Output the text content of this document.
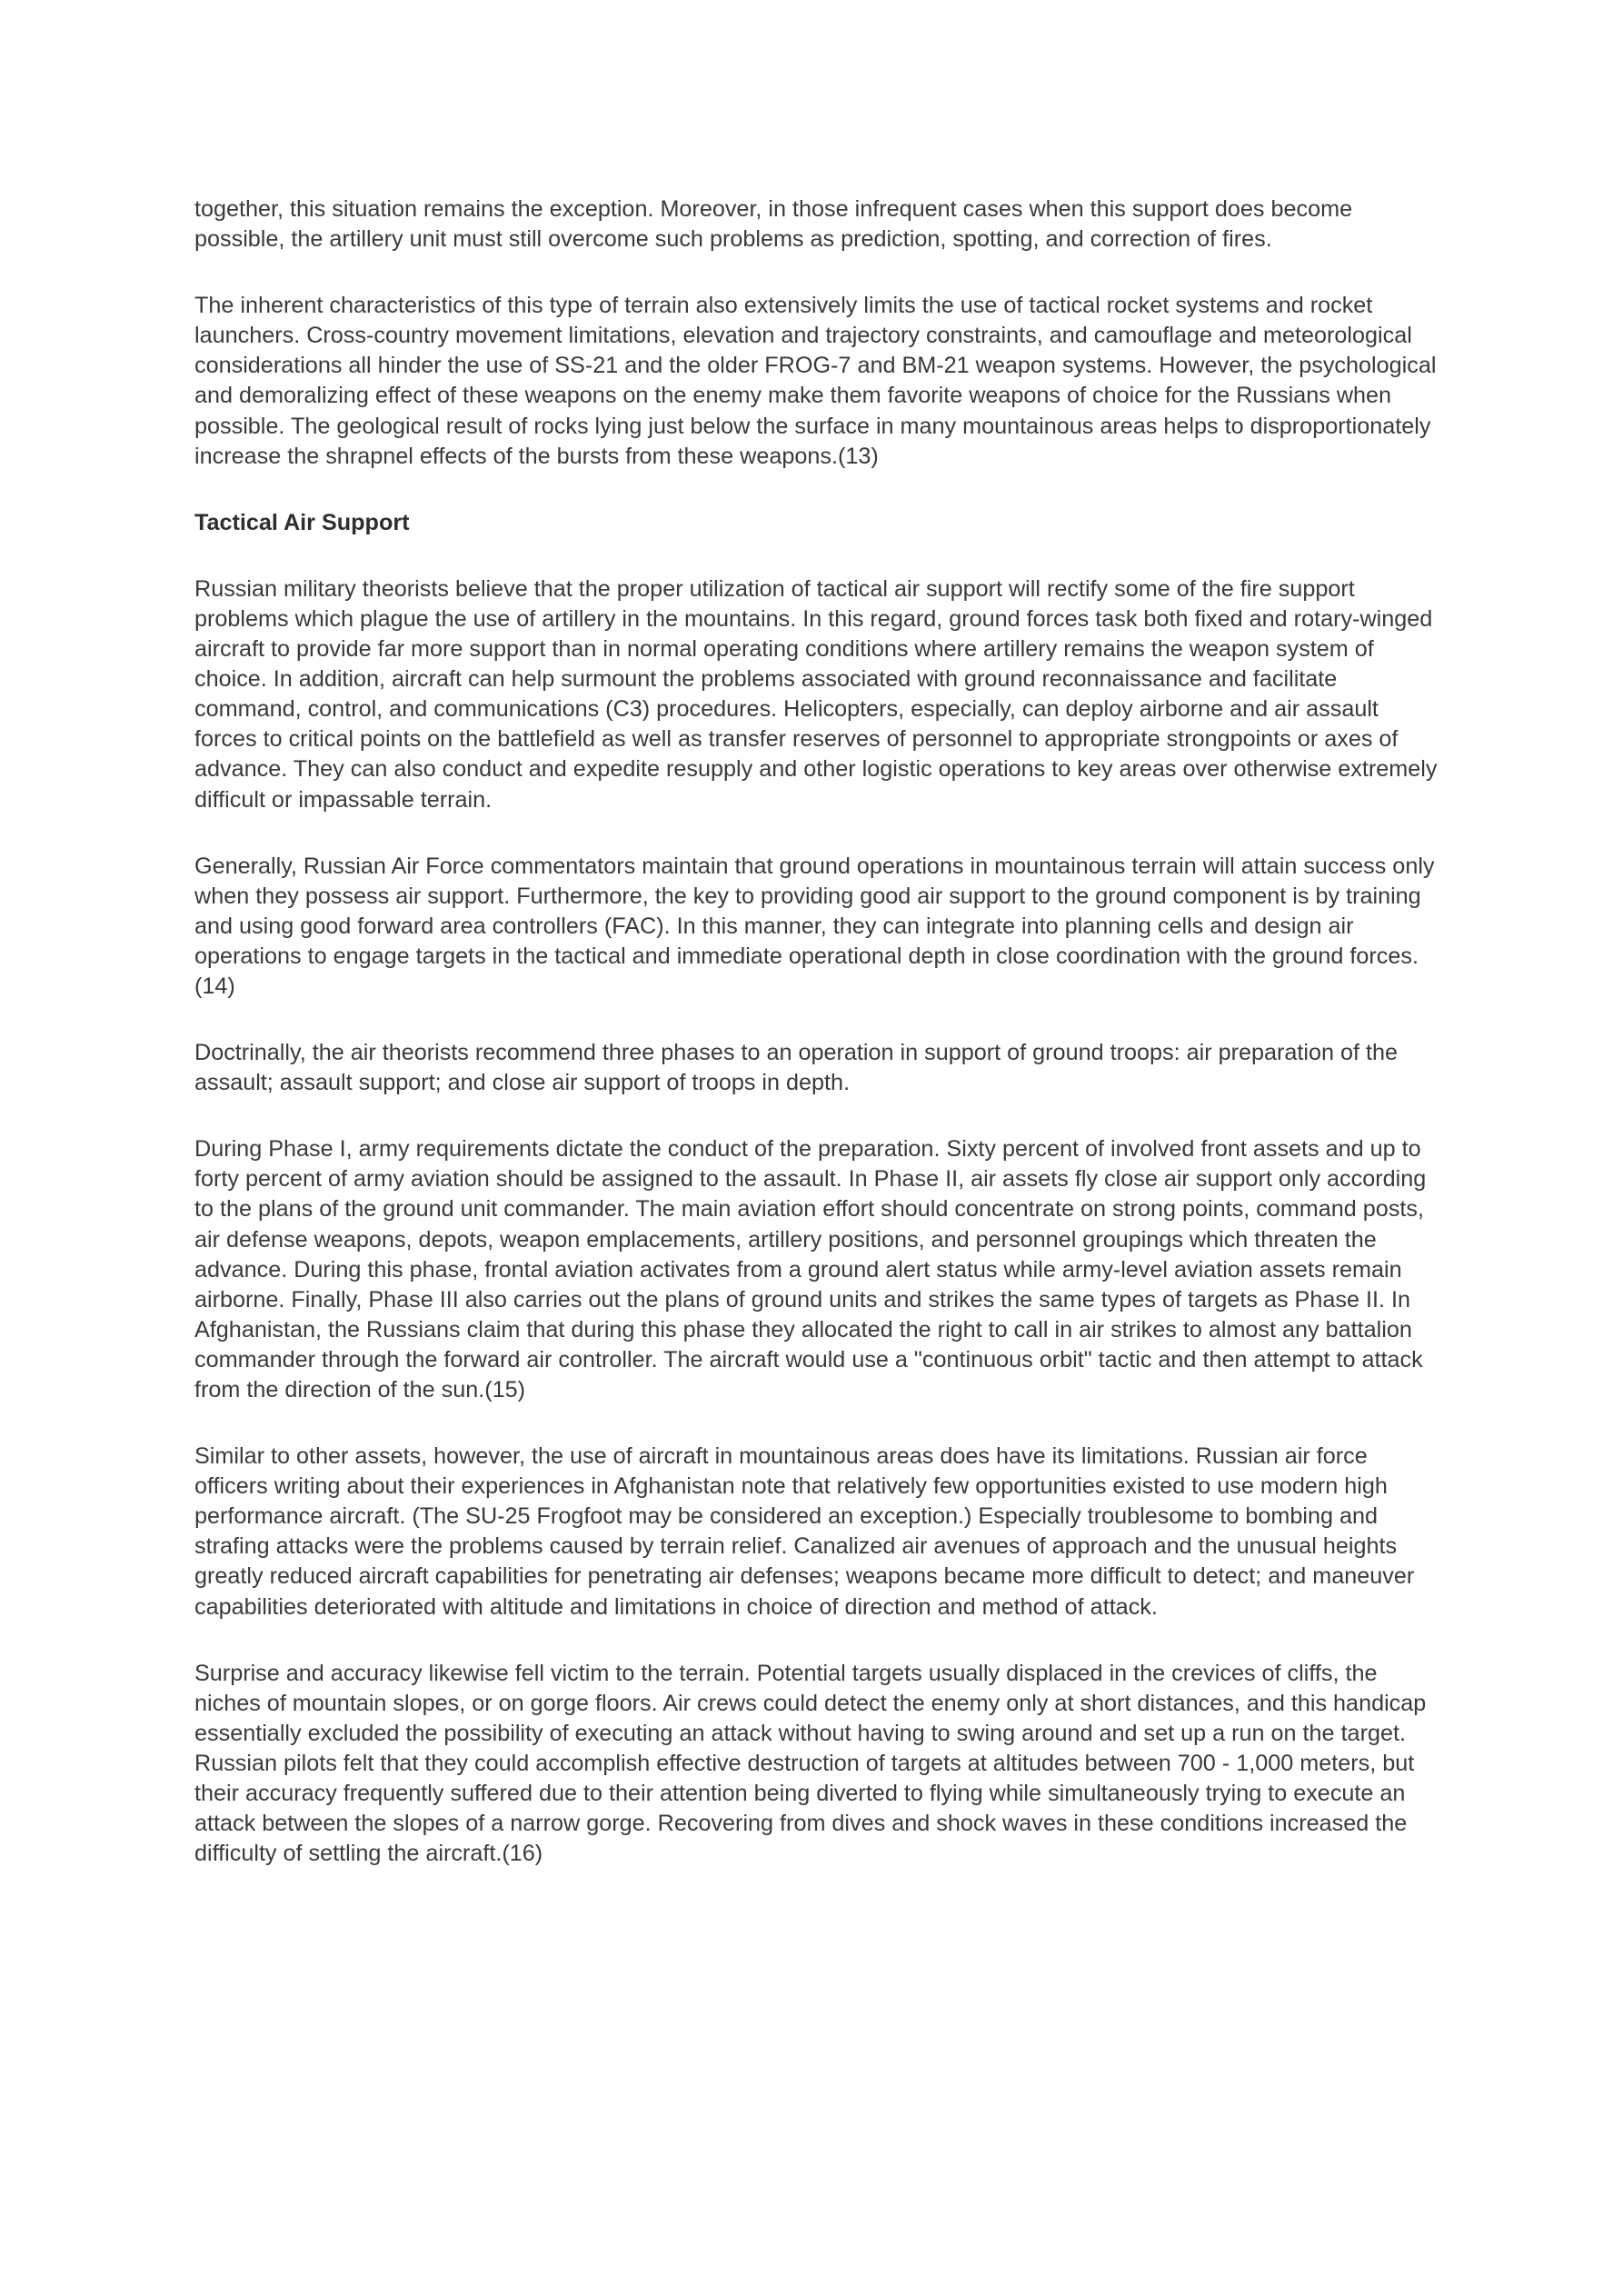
together, this situation remains the exception. Moreover, in those infrequent cases when this support does become possible, the artillery unit must still overcome such problems as prediction, spotting, and correction of fires.

The inherent characteristics of this type of terrain also extensively limits the use of tactical rocket systems and rocket launchers. Cross-country movement limitations, elevation and trajectory constraints, and camouflage and meteorological considerations all hinder the use of SS-21 and the older FROG-7 and BM-21 weapon systems. However, the psychological and demoralizing effect of these weapons on the enemy make them favorite weapons of choice for the Russians when possible. The geological result of rocks lying just below the surface in many mountainous areas helps to disproportionately increase the shrapnel effects of the bursts from these weapons.(13)

Tactical Air Support

Russian military theorists believe that the proper utilization of tactical air support will rectify some of the fire support problems which plague the use of artillery in the mountains. In this regard, ground forces task both fixed and rotary-winged aircraft to provide far more support than in normal operating conditions where artillery remains the weapon system of choice. In addition, aircraft can help surmount the problems associated with ground reconnaissance and facilitate command, control, and communications (C3) procedures. Helicopters, especially, can deploy airborne and air assault forces to critical points on the battlefield as well as transfer reserves of personnel to appropriate strongpoints or axes of advance. They can also conduct and expedite resupply and other logistic operations to key areas over otherwise extremely difficult or impassable terrain.

Generally, Russian Air Force commentators maintain that ground operations in mountainous terrain will attain success only when they possess air support. Furthermore, the key to providing good air support to the ground component is by training and using good forward area controllers (FAC). In this manner, they can integrate into planning cells and design air operations to engage targets in the tactical and immediate operational depth in close coordination with the ground forces.(14)

Doctrinally, the air theorists recommend three phases to an operation in support of ground troops: air preparation of the assault; assault support; and close air support of troops in depth.

During Phase I, army requirements dictate the conduct of the preparation. Sixty percent of involved front assets and up to forty percent of army aviation should be assigned to the assault. In Phase II, air assets fly close air support only according to the plans of the ground unit commander. The main aviation effort should concentrate on strong points, command posts, air defense weapons, depots, weapon emplacements, artillery positions, and personnel groupings which threaten the advance. During this phase, frontal aviation activates from a ground alert status while army-level aviation assets remain airborne. Finally, Phase III also carries out the plans of ground units and strikes the same types of targets as Phase II. In Afghanistan, the Russians claim that during this phase they allocated the right to call in air strikes to almost any battalion commander through the forward air controller. The aircraft would use a "continuous orbit" tactic and then attempt to attack from the direction of the sun.(15)

Similar to other assets, however, the use of aircraft in mountainous areas does have its limitations. Russian air force officers writing about their experiences in Afghanistan note that relatively few opportunities existed to use modern high performance aircraft. (The SU-25 Frogfoot may be considered an exception.) Especially troublesome to bombing and strafing attacks were the problems caused by terrain relief. Canalized air avenues of approach and the unusual heights greatly reduced aircraft capabilities for penetrating air defenses; weapons became more difficult to detect; and maneuver capabilities deteriorated with altitude and limitations in choice of direction and method of attack.

Surprise and accuracy likewise fell victim to the terrain. Potential targets usually displaced in the crevices of cliffs, the niches of mountain slopes, or on gorge floors. Air crews could detect the enemy only at short distances, and this handicap essentially excluded the possibility of executing an attack without having to swing around and set up a run on the target. Russian pilots felt that they could accomplish effective destruction of targets at altitudes between 700 - 1,000 meters, but their accuracy frequently suffered due to their attention being diverted to flying while simultaneously trying to execute an attack between the slopes of a narrow gorge. Recovering from dives and shock waves in these conditions increased the difficulty of settling the aircraft.(16)
